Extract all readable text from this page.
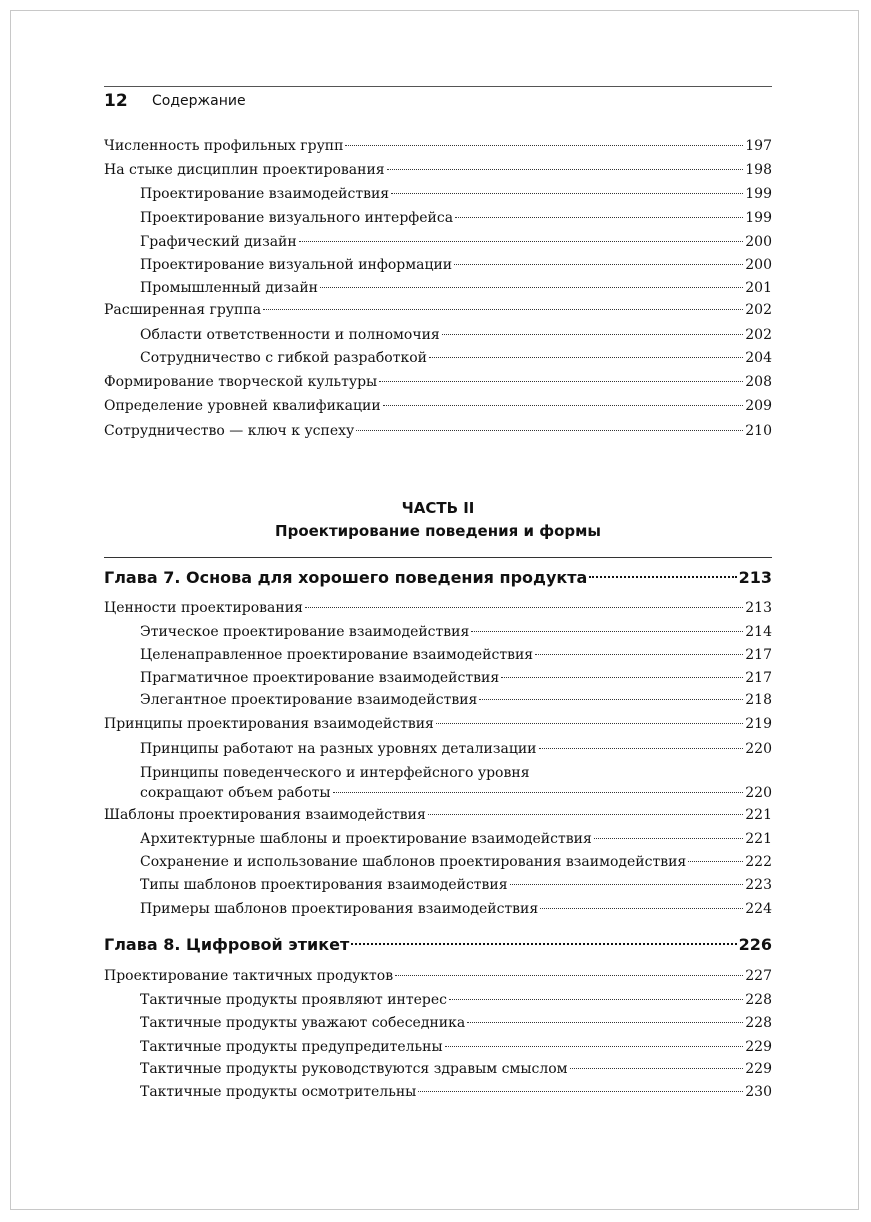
12 Содержание
Численность профильных групп	197
На стыке дисциплин проектирования	198
Проектирование взаимодействия	199
Проектирование визуального интерфейса	199
Графический дизайн	200
Проектирование визуальной информации	200
Промышленный дизайн	201
Расширенная группа	202
Области ответственности и полномочия	202
Сотрудничество с гибкой разработкой	204
Формирование творческой культуры	208
Определение уровней квалификации	209
Сотрудничество — ключ к успеху	210
ЧАСТЬ II
Проектирование поведения и формы
Глава 7. Основа для хорошего поведения продукта	213
Ценности проектирования	213
Этическое проектирование взаимодействия	214
Целенаправленное проектирование взаимодействия	217
Прагматичное проектирование взаимодействия	217
Элегантное проектирование взаимодействия	218
Принципы проектирования взаимодействия	219
Принципы работают на разных уровнях детализации	220
Принципы поведенческого и интерфейсного уровня
сокращают объем работы	220
Шаблоны проектирования взаимодействия	221
Архитектурные шаблоны и проектирование взаимодействия	221
Сохранение и использование шаблонов проектирования взаимодействия	222
Типы шаблонов проектирования взаимодействия	223
Примеры шаблонов проектирования взаимодействия	224
Глава 8. Цифровой этикет	226
Проектирование тактичных продуктов	227
Тактичные продукты проявляют интерес	228
Тактичные продукты уважают собеседника	228
Тактичные продукты предупредительны	229
Тактичные продукты руководствуются здравым смыслом	229
Тактичные продукты осмотрительны	230
